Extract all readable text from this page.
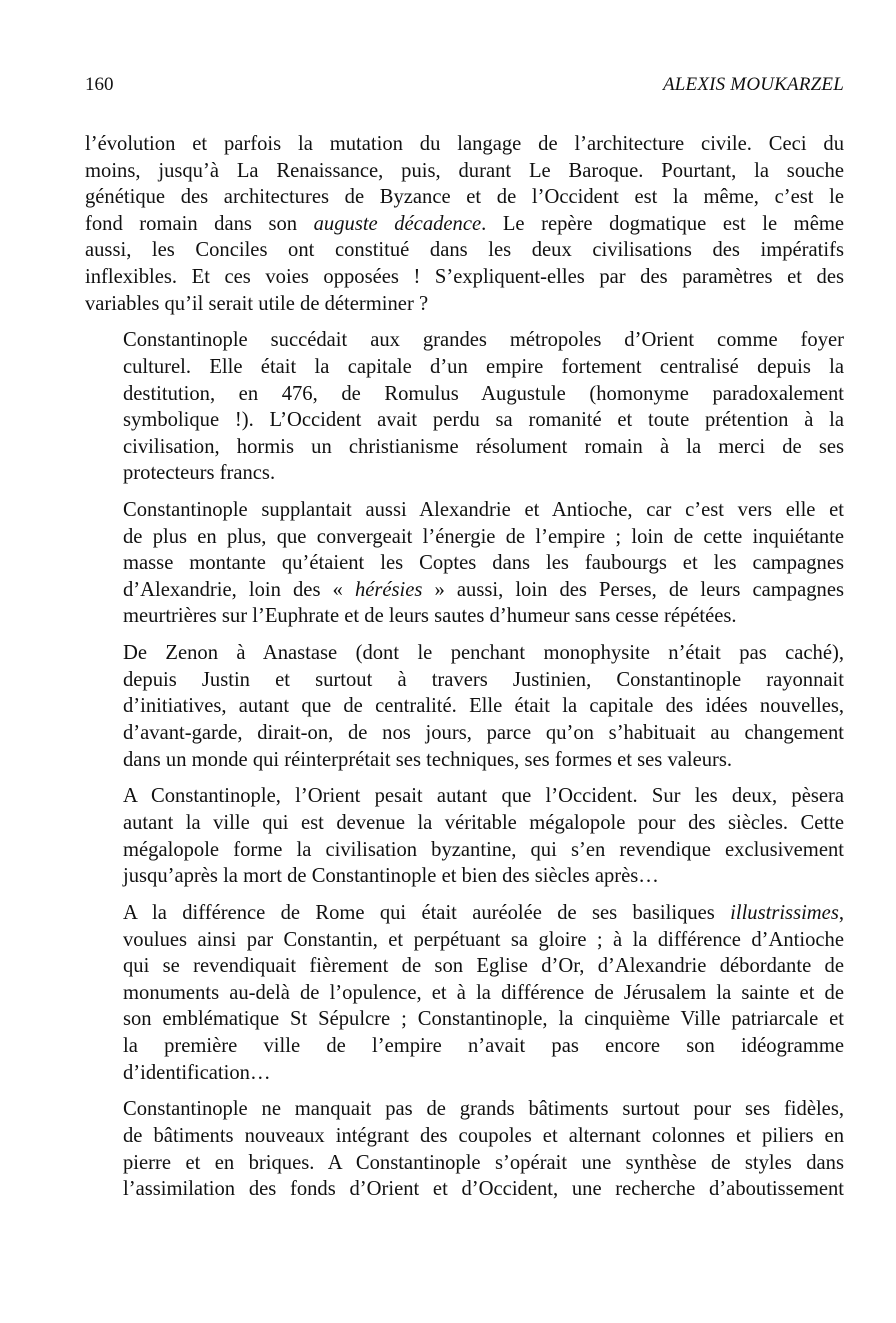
160	ALEXIS MOUKARZEL
l’évolution et parfois la mutation du langage de l’architecture civile. Ceci du
moins, jusqu’à La Renaissance, puis, durant Le Baroque. Pourtant, la souche
génétique des architectures de Byzance et de l’Occident est la même, c’est le
fond romain dans son auguste décadence. Le repère dogmatique est le même
aussi, les Conciles ont constitué dans les deux civilisations des impératifs
inflexibles. Et ces voies opposées ! S’expliquent-elles par des paramètres et des
variables qu’il serait utile de déterminer ?
Constantinople succédait aux grandes métropoles d’Orient comme foyer
culturel. Elle était la capitale d’un empire fortement centralisé depuis la
destitution, en 476, de Romulus Augustule (homonyme paradoxalement
symbolique !). L’Occident avait perdu sa romanité et toute prétention à la
civilisation, hormis un christianisme résolument romain à la merci de ses
protecteurs francs.
Constantinople supplantait aussi Alexandrie et Antioche, car c’est vers elle et
de plus en plus, que convergeait l’énergie de l’empire ; loin de cette inquiétante
masse montante qu’étaient les Coptes dans les faubourgs et les campagnes
d’Alexandrie, loin des « hérésies » aussi, loin des Perses, de leurs campagnes
meurtrières sur l’Euphrate et de leurs sautes d’humeur sans cesse répétées.
De Zenon à Anastase (dont le penchant monophysite n’était pas caché),
depuis Justin et surtout à travers Justinien, Constantinople rayonnait
d’initiatives, autant que de centralité. Elle était la capitale des idées nouvelles,
d’avant-garde, dirait-on, de nos jours, parce qu’on s’habituait au changement
dans un monde qui réinterprétait ses techniques, ses formes et ses valeurs.
A Constantinople, l’Orient pesait autant que l’Occident. Sur les deux, pèsera
autant la ville qui est devenue la véritable mégalopole pour des siècles. Cette
mégalopole forme la civilisation byzantine, qui s’en revendique exclusivement
jusqu’après la mort de Constantinople et bien des siècles après…
A la différence de Rome qui était auréolée de ses basiliques illustrissimes,
voulues ainsi par Constantin, et perpétuant sa gloire ; à la différence d’Antioche
qui se revendiquait fièrement de son Eglise d’Or, d’Alexandrie débordante de
monuments au-delà de l’opulence, et à la différence de Jérusalem la sainte et de
son emblématique St Sépulcre ; Constantinople, la cinquième Ville patriarcale et
la première ville de l’empire n’avait pas encore son idéogramme
d’identification…
Constantinople ne manquait pas de grands bâtiments surtout pour ses fidèles,
de bâtiments nouveaux intégrant des coupoles et alternant colonnes et piliers en
pierre et en briques. A Constantinople s’opérait une synthèse de styles dans
l’assimilation des fonds d’Orient et d’Occident, une recherche d’aboutissement
